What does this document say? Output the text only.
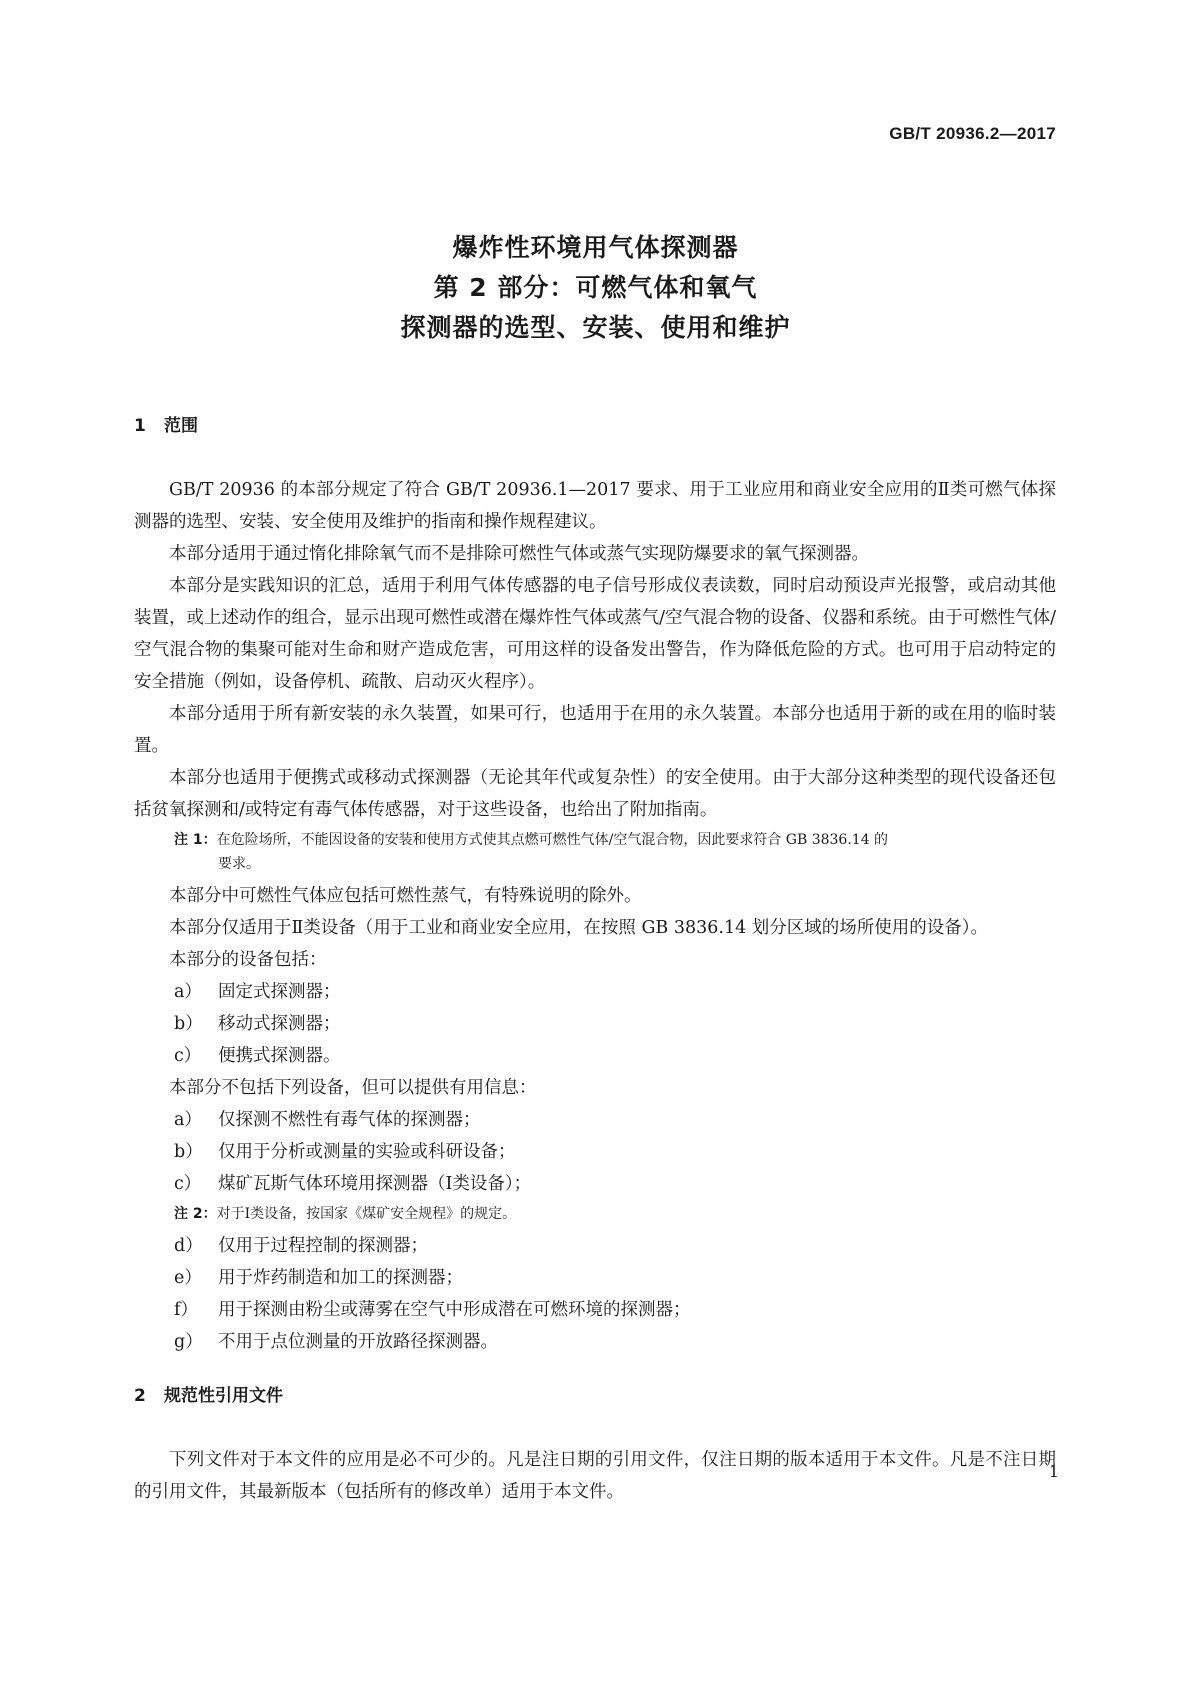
GB/T 20936.2—2017
爆炸性环境用气体探测器
第 2 部分：可燃气体和氧气
探测器的选型、安装、使用和维护
1 范围

GB/T 20936 的本部分规定了符合 GB/T 20936.1—2017 要求、用于工业应用和商业安全应用的Ⅱ类可燃气体探测器的选型、安装、安全使用及维护的指南和操作规程建议。

本部分适用于通过惰化排除氧气而不是排除可燃性气体或蒸气实现防爆要求的氧气探测器。

本部分是实践知识的汇总，适用于利用气体传感器的电子信号形成仪表读数，同时启动预设声光报警，或启动其他装置，或上述动作的组合，显示出现可燃性或潜在爆炸性气体或蒸气/空气混合物的设备、仪器和系统。由于可燃性气体/空气混合物的集聚可能对生命和财产造成危害，可用这样的设备发出警告，作为降低危险的方式。也可用于启动特定的安全措施（例如，设备停机、疏散、启动灭火程序）。

本部分适用于所有新安装的永久装置，如果可行，也适用于在用的永久装置。本部分也适用于新的或在用的临时装置。

本部分也适用于便携式或移动式探测器（无论其年代或复杂性）的安全使用。由于大部分这种类型的现代设备还包括贫氧探测和/或特定有毒气体传感器，对于这些设备，也给出了附加指南。

注 1：在危险场所，不能因设备的安装和使用方式使其点燃可燃性气体/空气混合物，因此要求符合 GB 3836.14 的
要求。

本部分中可燃性气体应包括可燃性蒸气，有特殊说明的除外。

本部分仅适用于Ⅱ类设备（用于工业和商业安全应用，在按照 GB 3836.14 划分区域的场所使用的设备）。

本部分的设备包括：

a） 固定式探测器；
b） 移动式探测器；
c） 便携式探测器。

本部分不包括下列设备，但可以提供有用信息：

a） 仅探测不燃性有毒气体的探测器；
b） 仅用于分析或测量的实验或科研设备；
c） 煤矿瓦斯气体环境用探测器（Ⅰ类设备）；
注 2：对于Ⅰ类设备，按国家《煤矿安全规程》的规定。
d） 仅用于过程控制的探测器；
e） 用于炸药制造和加工的探测器；
f） 用于探测由粉尘或薄雾在空气中形成潜在可燃环境的探测器；
g） 不用于点位测量的开放路径探测器。
2 规范性引用文件

下列文件对于本文件的应用是必不可少的。凡是注日期的引用文件，仅注日期的版本适用于本文件。凡是不注日期的引用文件，其最新版本（包括所有的修改单）适用于本文件。

1
